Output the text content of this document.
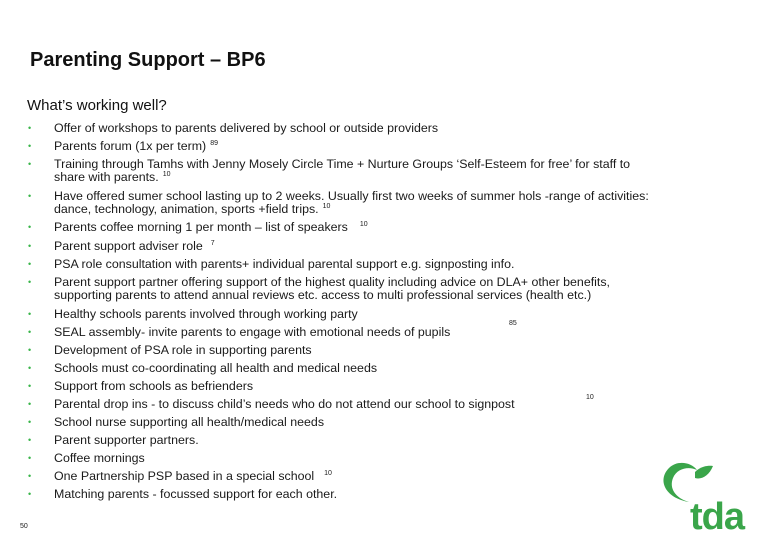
Parenting Support – BP6
What’s working well?
• Offer of workshops to parents delivered by school or outside providers
• Parents forum (1x per term) $^{89}$
• Training through Tamhs with Jenny Mosely Circle Time + Nurture Groups ‘Self-Esteem for free’ for staff to
share with parents. $^{10}$
• Have offered sumer school lasting up to 2 weeks. Usually first two weeks of summer hols -range of activities:
dance, technology, animation, sports +field trips. $^{10}$
• Parents coffee morning 1 per month – list of speakers $^{10}$
• Parent support adviser role $^7$
• PSA role consultation with parents+ individual parental support e.g. signposting info.
• Parent support partner offering support of the highest quality including advice on DLA+ other benefits,
supporting parents to attend annual reviews etc. access to multi professional services (health etc.)
• Healthy schools parents involved through working party
• SEAL assembly- invite parents to engage with emotional needs of pupils
• Development of PSA role in supporting parents
• Schools must co-coordinating all health and medical needs
• Support from schools as befrienders
• Parental drop ins - to discuss child’s needs who do not attend our school to signpost
• School nurse supporting all health/medical needs
• Parent supporter partners.
• Coffee mornings
• One Partnership PSP based in a special school $^{10}$
• Matching parents - focussed support for each other.
85
10
50	tda
